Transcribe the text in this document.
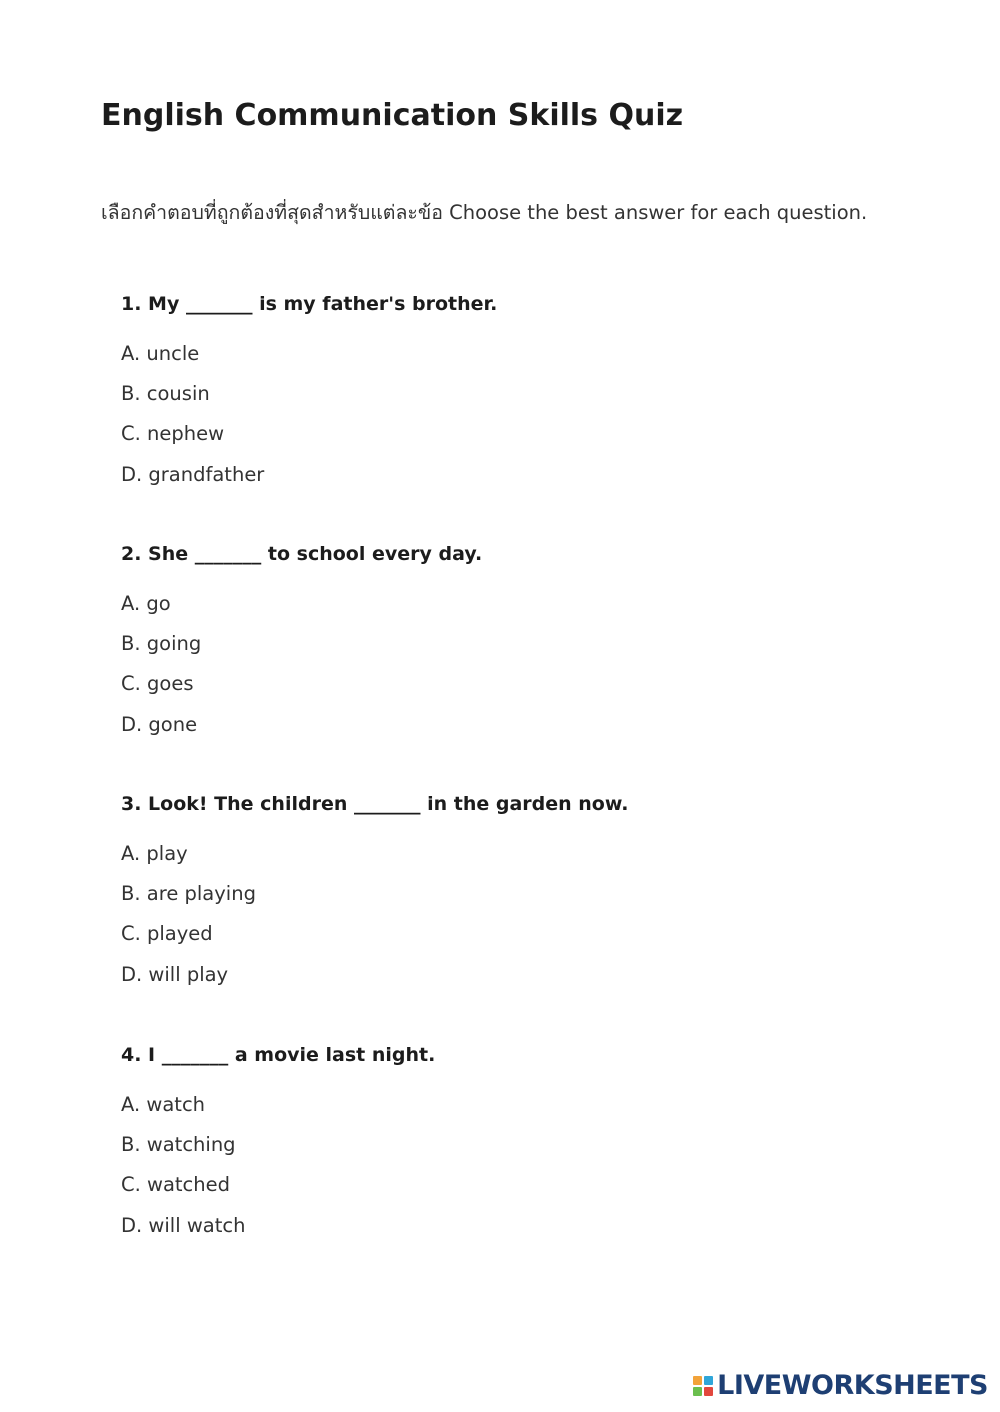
English Communication Skills Quiz

เลือกคำตอบที่ถูกต้องที่สุดสำหรับแต่ละข้อ Choose the best answer for each question.

1. My _______ is my father's brother.

A. uncle
B. cousin
C. nephew
D. grandfather

2. She _______ to school every day.

A. go
B. going
C. goes
D. gone

3. Look! The children _______ in the garden now.

A. play
B. are playing
C. played
D. will play

4. I _______ a movie last night.

A. watch
B. watching
C. watched
D. will watch
LIVEWORKSHEETS
